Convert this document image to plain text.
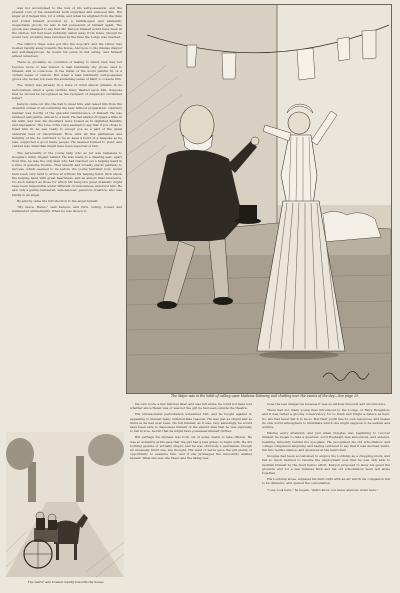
was not accustomed to the loss of his self-possession, and the present rout of his sensations both surprised and annoyed him. His anger at it helped him, for a while, and when he alighted from the train and found himself accosted by a middle-aged and eminently respectable groom, he was in full possession of himself again. The groom was changed to say that Mr. Kenyon himself would have been at the station, but had been suddenly called away from home, though he would very probably have returned by the time the Lodge was reached.

The visitor's traps were got into the dog-cart, and the visitor was bowled rapidly away towards the house. And now, to his intense disgust and self-disapproval, he found his pulse in full swing, and himself almost unnerved.

There is, probably, no condition of feeling to which men may not become more or less inured. A man habitually shy grows used to himself, and is conscious, in the midst of the worst painful fit, of a certain sense of custom. But when a man habitually self-possessed grows shy, he has not even the sustaining sense of habit to console him.

The visitor was already in a state of mind almost pitiable in its nervousness when a quite terrible fancy flashed upon him. Suppose that he should be recognised as the recipient of Angelica's unclaimed letter?

Kenyon came out into the hall to meet him, and raised him from the dreadful ordeal of encountering the lady without preparation. Gabriel's manner was worthy of the graceful reminiscence of himself. He was subdued and gentle, almost to a fault. He had always dropped a little in his walk, and now his shoulders were bowed as in dignified humility and depression. The tone of his voice seemed to say that if you chose to tread him ill, he was ready to accept you as a part of the great universal laws of discernment. How, with all this gentleness and humility of his, he contrived to be so keen a bond of a bespoke as he was, supported a good many people. He seemed formed to yield, and yielded less often than might have been expected of him.

The personality of the young lady, who as yet was nameless to Douglas's mind, tingled behind. He was made to a drawing-seat, apart from this, he was the only man who had reached out a helping hand in a time of genuine trouble. That smooth and broadly placid pathway to success, which seemed to lie before the young barrister now, would have been very hard to arrive at without his helping hand. Dick shook the helping hand with great heartiness, and an almost filial reverence. No such instinct as those for which Mr. Kenyon's great dramatic might have been responsible under different circumstances ennobled him. He saw only a gentle-mannered, safe-beloved, generous creature, who was kindly in an angel.

By-and-by came the introduction to the angel herself.

"My niece, Helen," said Kenyon; and Dick, toiling, bowed and stammered unintelligibly. When he was shown to

The Major was in the habit of calling upon Madame Dalmeny and chatting over the events of the day.—See page 25.
The visitor was bowled rapidly towards the house.

his own room, a few minutes later, and was left alone, he could not have told whether since Helen was or was not the girl he had seen outside the theatre.

His unreasonable perturbation exhausted him, and he fought against it, appealing to himself many unfavourable reasons. He was just as stupid and as timid as he had ever been. He felt himself, as it was, very amusingly, he would have been able to dispossess himself of the absurd idea that he was expressly to fall in love, he felt that he might have possessed himself further.

But perhaps his shyness was born out of some desire to take offence. He was so evidently at his ease that the girl had a less grasp, to begin with. He did nothing gauche or actually stupid, and he was obviously a gentleman, though an unusually timid one, she thought. His want of nerve gave the girl plenty of opportunity to examine him, and if she privileged the innocently availed herself. What she saw, she liked; and the liking was

none the less dangerous because it was so entirely innocent and unconscious.

There had not many young men introduced to the Lodge, or Fairy Houghton; and it was rather a gloomy conservatory for so fresh and bright a nature as hers. So, she had never felt it to be so. But their youth has its own resources, and makes its own world atmosphere to illuminate which one might suppose to be sadden and sombre.

Having every attention, and just when Douglas was beginning to recover himself, he began to take a question. Lord Roghaigh was announced, and entered, beaming fatuously behind his eye-glass. He recognised his old schoolfellow and college companion languidly, and having ventured to say that it was decreed warm, fell into recline silence, and glowered at the newcomer.

Douglas had been accustomed to employ his Lordship as a chopping-block, and felt so much inclined to resume the employment now that he was only able to restrain himself by the most heroic effort. Kenyon proposed to show his guest the grounds, and for a few minutes Dick and his old schoolfellow were left alone together.

His Lordship arose, adjusted his shirt-cuffs with an air which his companion felt to be offensive, and opened the conversation.

"I say, look here," he began, "didn't know you knew anybody down here."
